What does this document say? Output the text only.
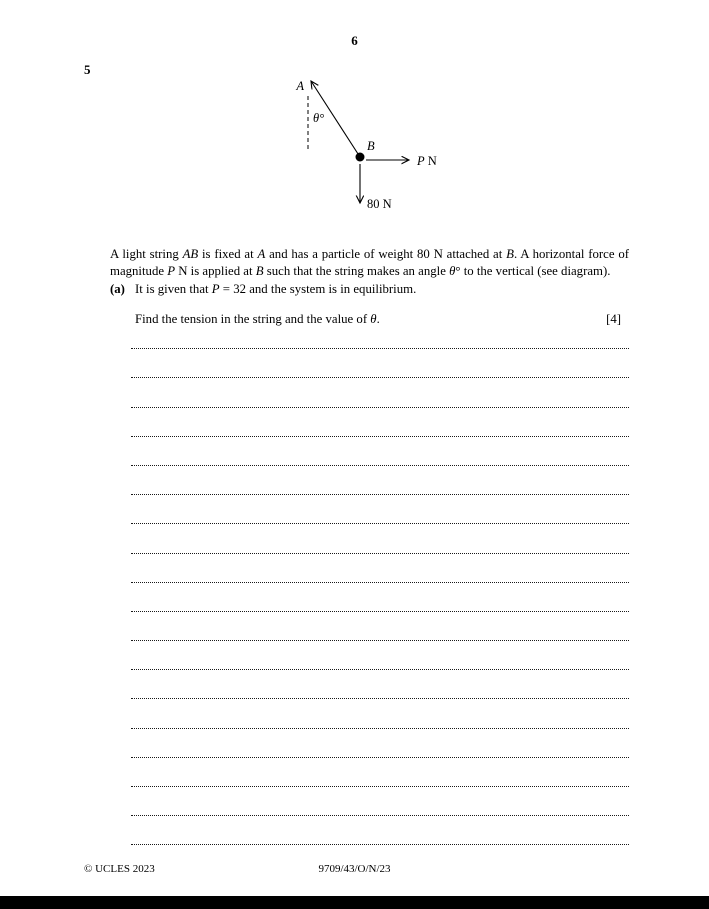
6
5
A
B
θ°
P N
80 N

A light string AB is fixed at A and has a particle of weight 80 N attached at B. A horizontal force of magnitude P N is applied at B such that the string makes an angle θ° to the vertical (see diagram).

(a) It is given that P = 32 and the system is in equilibrium.
Find the tension in the string and the value of θ.	[4]
9709/43/O/N/23
© UCLES 2023
